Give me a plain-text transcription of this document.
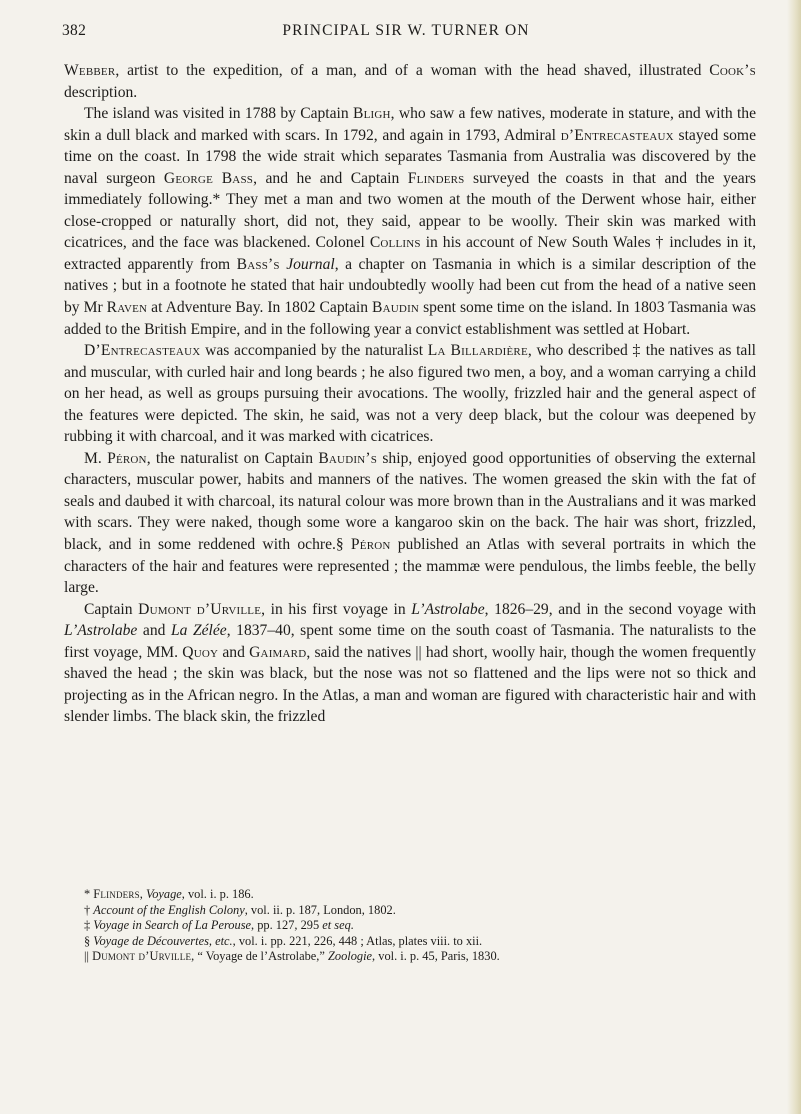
382	PRINCIPAL SIR W. TURNER ON

Webber, artist to the expedition, of a man, and of a woman with the head shaved, illustrated Cook’s description.

The island was visited in 1788 by Captain Bligh, who saw a few natives, moderate in stature, and with the skin a dull black and marked with scars. In 1792, and again in 1793, Admiral d’Entrecasteaux stayed some time on the coast. In 1798 the wide strait which separates Tasmania from Australia was discovered by the naval surgeon George Bass, and he and Captain Flinders surveyed the coasts in that and the years immediately following.* They met a man and two women at the mouth of the Derwent whose hair, either close-cropped or naturally short, did not, they said, appear to be woolly. Their skin was marked with cicatrices, and the face was blackened. Colonel Collins in his account of New South Wales † includes in it, extracted apparently from Bass’s Journal, a chapter on Tasmania in which is a similar description of the natives ; but in a footnote he stated that hair undoubtedly woolly had been cut from the head of a native seen by Mr Raven at Adventure Bay. In 1802 Captain Baudin spent some time on the island. In 1803 Tasmania was added to the British Empire, and in the following year a convict establishment was settled at Hobart.

D’Entrecasteaux was accompanied by the naturalist La Billardière, who described ‡ the natives as tall and muscular, with curled hair and long beards ; he also figured two men, a boy, and a woman carrying a child on her head, as well as groups pursuing their avocations. The woolly, frizzled hair and the general aspect of the features were depicted. The skin, he said, was not a very deep black, but the colour was deepened by rubbing it with charcoal, and it was marked with cicatrices.

M. Péron, the naturalist on Captain Baudin’s ship, enjoyed good opportunities of observing the external characters, muscular power, habits and manners of the natives. The women greased the skin with the fat of seals and daubed it with charcoal, its natural colour was more brown than in the Australians and it was marked with scars. They were naked, though some wore a kangaroo skin on the back. The hair was short, frizzled, black, and in some reddened with ochre.§ Péron published an Atlas with several portraits in which the characters of the hair and features were represented ; the mammæ were pendulous, the limbs feeble, the belly large.

Captain Dumont d’Urville, in his first voyage in L’Astrolabe, 1826–29, and in the second voyage with L’Astrolabe and La Zélée, 1837–40, spent some time on the south coast of Tasmania. The naturalists to the first voyage, MM. Quoy and Gaimard, said the natives || had short, woolly hair, though the women frequently shaved the head ; the skin was black, but the nose was not so flattened and the lips were not so thick and projecting as in the African negro. In the Atlas, a man and woman are figured with characteristic hair and with slender limbs. The black skin, the frizzled

* Flinders, Voyage, vol. i. p. 186.
† Account of the English Colony, vol. ii. p. 187, London, 1802.
‡ Voyage in Search of La Perouse, pp. 127, 295 et seq.
§ Voyage de Découvertes, etc., vol. i. pp. 221, 226, 448 ; Atlas, plates viii. to xii.
|| Dumont d’Urville, “ Voyage de l’Astrolabe,” Zoologie, vol. i. p. 45, Paris, 1830.
